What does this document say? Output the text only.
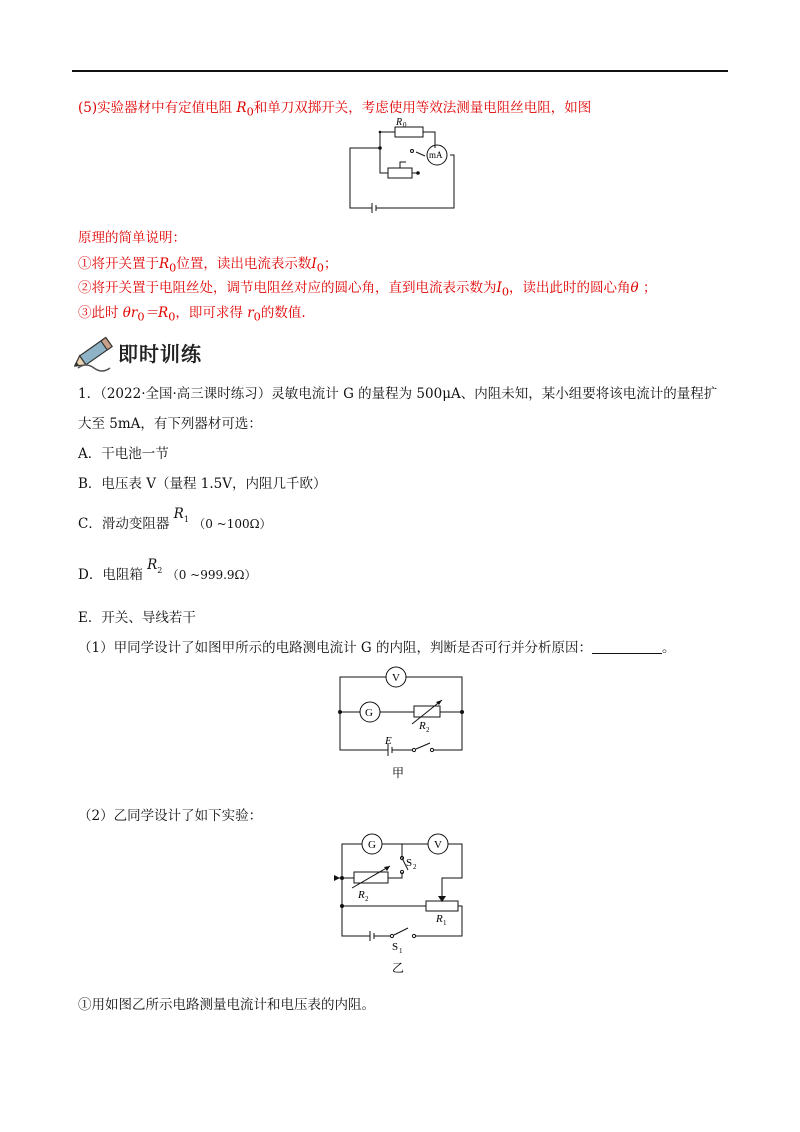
(5)实验器材中有定值电阻 $R_0$和单刀双掷开关，考虑使用等效法测量电阻丝电阻，如图
R 0
mA
原理的简单说明：
①将开关置于$R_0$位置，读出电流表示数$I_0$；
②将开关置于电阻丝处，调节电阻丝对应的圆心角，直到电流表示数为$I_0$，读出此时的圆心角θ ；
③此时 $\theta r_0=R_0$，即可求得 $r_0$的数值.
即时训练
1．（2022·全国·高三课时练习）灵敏电流计 G 的量程为 500μA、内阻未知，某小组要将该电流计的量程扩
大至 5mA，有下列器材可选：
A．干电池一节
B．电压表 V（量程 1.5V，内阻几千欧）
C．滑动变阻器 $R_1$ （0 ~100Ω）
D．电阻箱 $R_2$ （0 ~999.9Ω）
E．开关、导线若干
（1）甲同学设计了如图甲所示的电路测电流计 G 的内阻，判断是否可行并分析原因：	。
V
G
R 2
E
甲
（2）乙同学设计了如下实验：
G	V
S 2
R 2
R 1
S 1
乙
①用如图乙所示电路测量电流计和电压表的内阻。
